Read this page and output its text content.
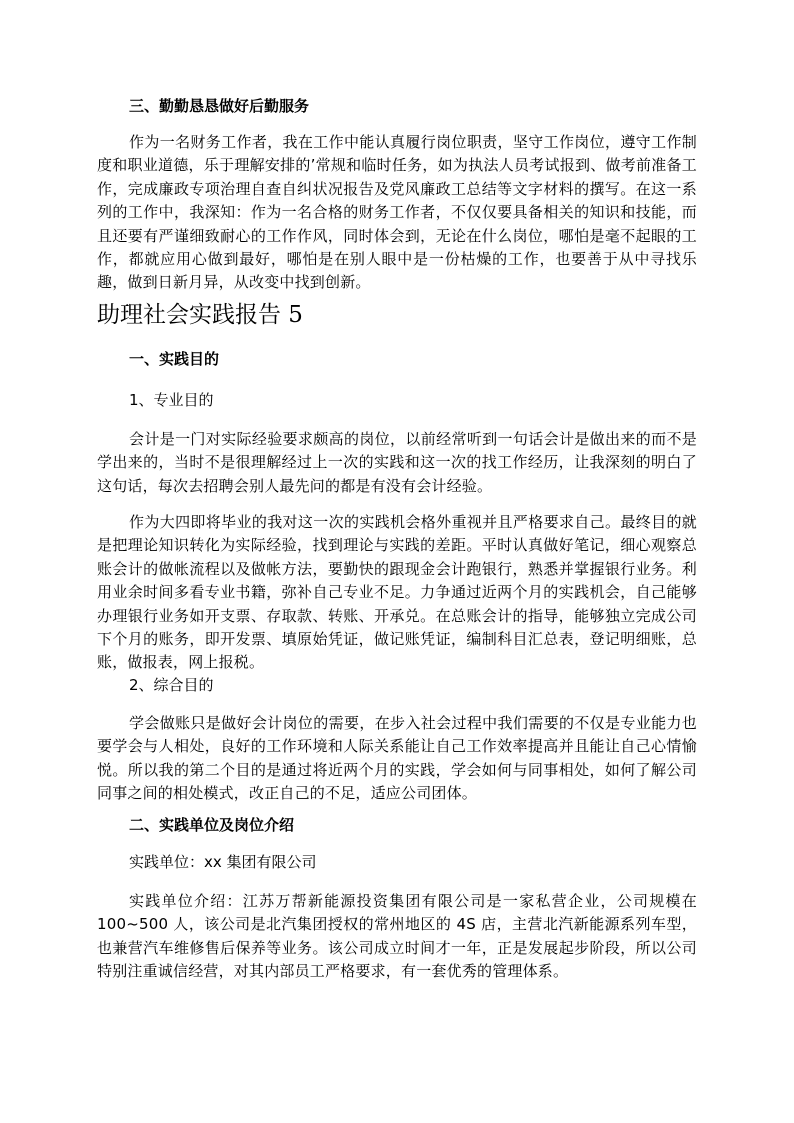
三、勤勤恳恳做好后勤服务

作为一名财务工作者，我在工作中能认真履行岗位职责，坚守工作岗位，遵守工作制度和职业道德，乐于理解安排的’常规和临时任务，如为执法人员考试报到、做考前准备工作，完成廉政专项治理自查自纠状况报告及党风廉政工总结等文字材料的撰写。在这一系列的工作中，我深知：作为一名合格的财务工作者，不仅仅要具备相关的知识和技能，而且还要有严谨细致耐心的工作作风，同时体会到，无论在什么岗位，哪怕是毫不起眼的工作，都就应用心做到最好，哪怕是在别人眼中是一份枯燥的工作，也要善于从中寻找乐趣，做到日新月异，从改变中找到创新。

助理社会实践报告 5
一、实践目的

1、专业目的

会计是一门对实际经验要求颇高的岗位，以前经常听到一句话会计是做出来的而不是学出来的，当时不是很理解经过上一次的实践和这一次的找工作经历，让我深刻的明白了这句话，每次去招聘会别人最先问的都是有没有会计经验。

作为大四即将毕业的我对这一次的实践机会格外重视并且严格要求自己。最终目的就是把理论知识转化为实际经验，找到理论与实践的差距。平时认真做好笔记，细心观察总账会计的做帐流程以及做帐方法，要勤快的跟现金会计跑银行，熟悉并掌握银行业务。利用业余时间多看专业书籍，弥补自己专业不足。力争通过近两个月的实践机会，自己能够办理银行业务如开支票、存取款、转账、开承兑。在总账会计的指导，能够独立完成公司下个月的账务，即开发票、填原始凭证，做记账凭证，编制科目汇总表，登记明细账，总账，做报表，网上报税。

2、综合目的

学会做账只是做好会计岗位的需要，在步入社会过程中我们需要的不仅是专业能力也要学会与人相处，良好的工作环境和人际关系能让自己工作效率提高并且能让自己心情愉悦。所以我的第二个目的是通过将近两个月的实践，学会如何与同事相处，如何了解公司同事之间的相处模式，改正自己的不足，适应公司团体。

二、实践单位及岗位介绍

实践单位：xx 集团有限公司

实践单位介绍：江苏万帮新能源投资集团有限公司是一家私营企业，公司规模在100~500 人，该公司是北汽集团授权的常州地区的 4S 店，主营北汽新能源系列车型，也兼营汽车维修售后保养等业务。该公司成立时间才一年，正是发展起步阶段，所以公司特别注重诚信经营，对其内部员工严格要求，有一套优秀的管理体系。
